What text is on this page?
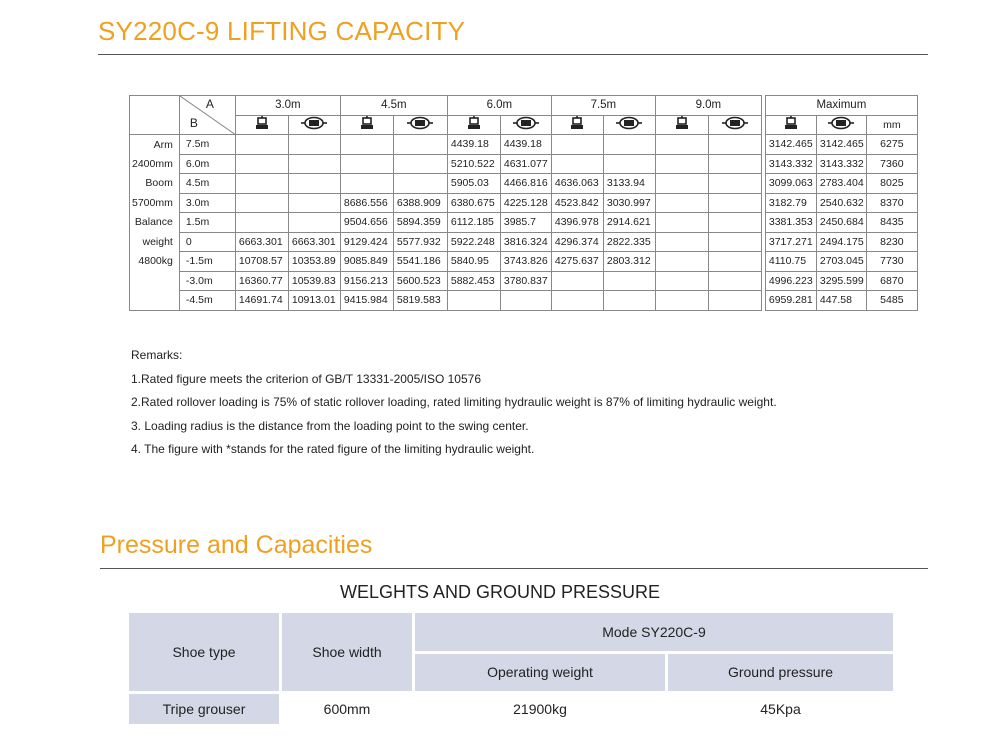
SY220C-9 LIFTING CAPACITY

	A
B	3.0m		4.5m		6.0m		7.5m		9.0m			Maximum		
												mm
Arm	7.5m					4439.18	4439.18						3142.465	3142.465	6275
2400mm	6.0m					5210.522	4631.077						3143.332	3143.332	7360
Boom	4.5m					5905.03	4466.816	4636.063	3133.94				3099.063	2783.404	8025
5700mm	3.0m			8686.556	6388.909	6380.675	4225.128	4523.842	3030.997				3182.79	2540.632	8370
Balance	1.5m			9504.656	5894.359	6112.185	3985.7	4396.978	2914.621				3381.353	2450.684	8435
weight	0	6663.301	6663.301	9129.424	5577.932	5922.248	3816.324	4296.374	2822.335				3717.271	2494.175	8230
4800kg	-1.5m	10708.57	10353.89	9085.849	5541.186	5840.95	3743.826	4275.637	2803.312				4110.75	2703.045	7730
	-3.0m	16360.77	10539.83	9156.213	5600.523	5882.453	3780.837						4996.223	3295.599	6870
	-4.5m	14691.74	10913.01	9415.984	5819.583								6959.281	447.58	5485
Remarks:
1.Rated figure meets the criterion of GB/T 13331-2005/ISO 10576
2.Rated rollover loading is 75% of static rollover loading, rated limiting hydraulic weight is 87% of limiting hydraulic weight.
3. Loading radius is the distance from the loading point to the swing center.
4. The figure with *stands for the rated figure of the limiting hydraulic weight.
Pressure and Capacities
WELGHTS AND GROUND PRESSURE
Shoe type	Shoe width	Mode SY220C-9	
		Operating weight	Ground pressure
Tripe grouser	600mm	21900kg	45Kpa
